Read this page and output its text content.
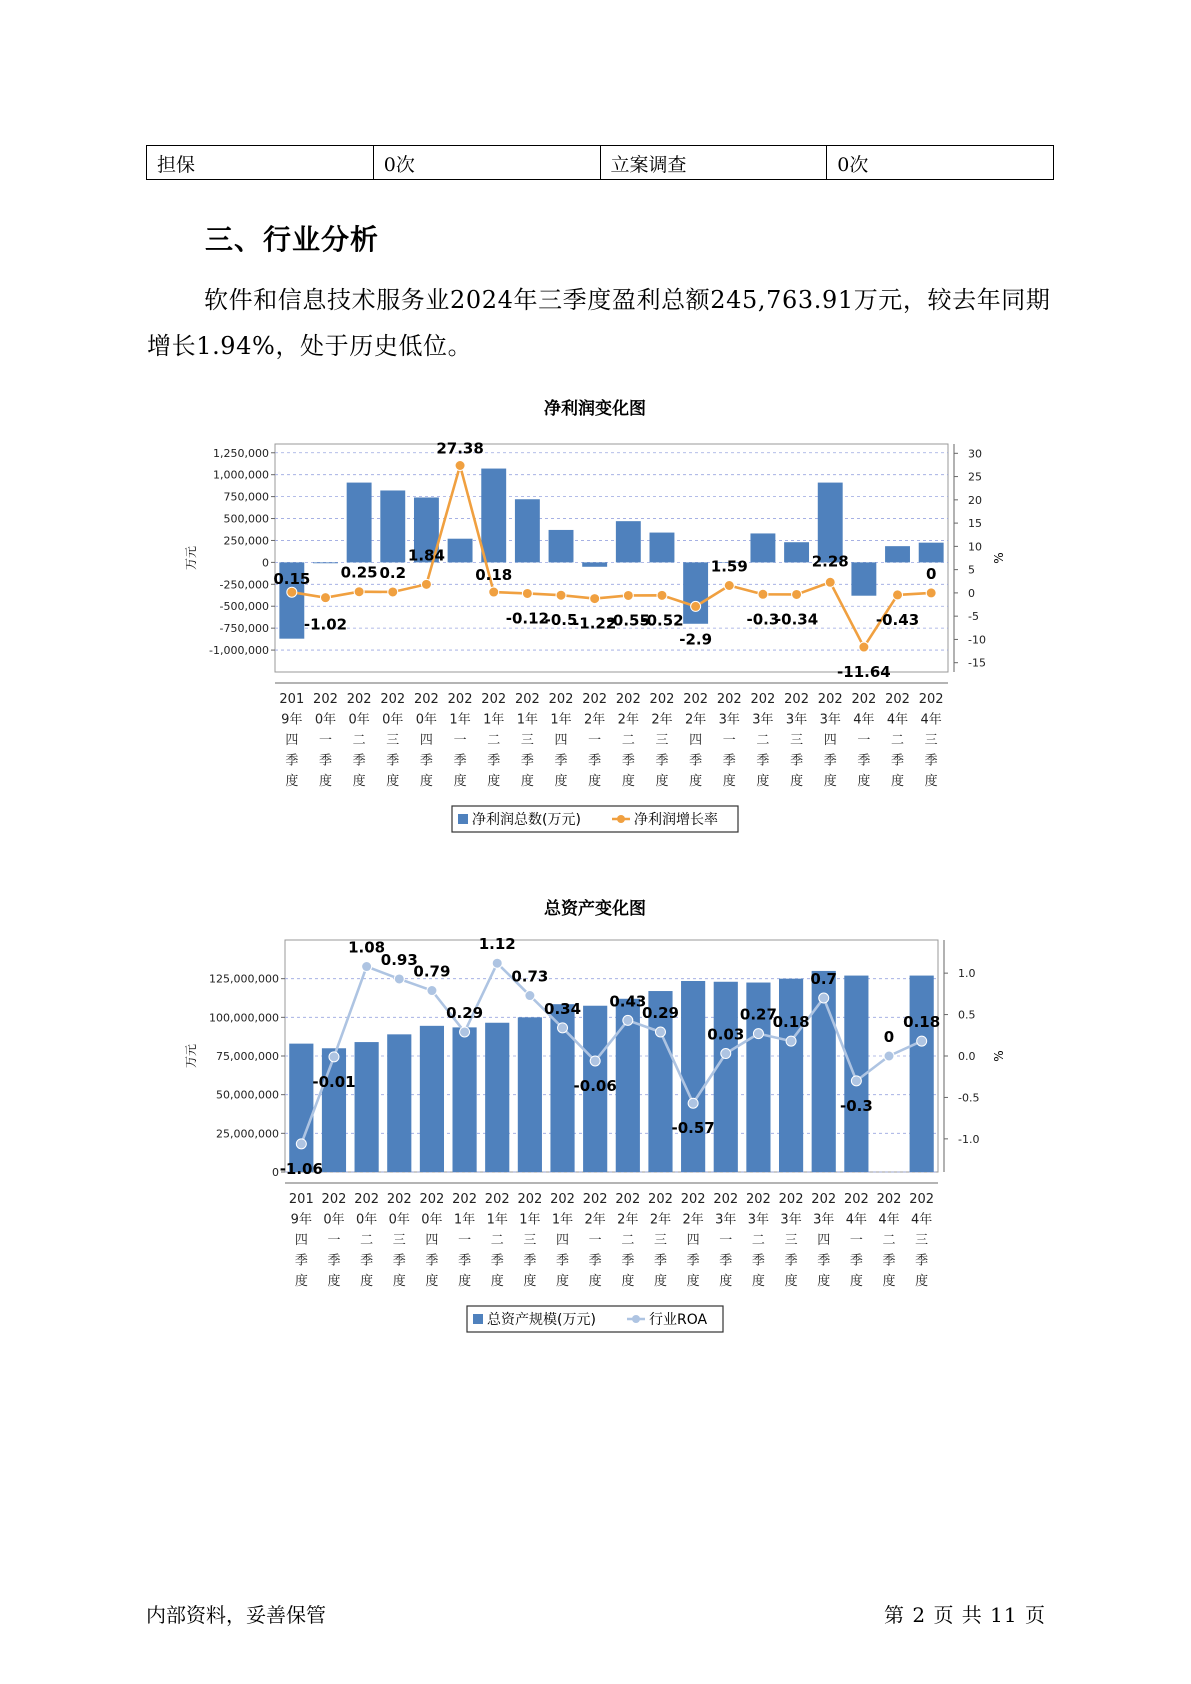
担保	0次	立案调查	0次
三、行业分析
软件和信息技术服务业2024年三季度盈利总额245,763.91万元，较去年同期增长1.94%，处于历史低位。
净利润变化图
-1,000,000
-750,000
-500,000
-250,000
0
250,000
500,000
750,000
1,000,000
1,250,000
-15
-10
-5
0
5
10
15
20
25
30
万元	%
201 9年四季度
202 0年一季度
202 0年二季度
202 0年三季度
202 0年四季度
202 1年一季度
202 1年二季度
202 1年三季度
202 1年四季度
202 2年一季度
202 2年二季度
202 2年三季度
202 2年四季度
202 3年一季度
202 3年二季度
202 3年三季度
202 3年四季度
202 4年一季度
202 4年二季度
202 4年三季度
0.15
-1.02
0.25 0.2
1.84
27.38
0.18
-0.12
-0.5
-1.22
-0.55
-0.52
-2.9
1.59
-0.3
-0.34
2.28
-11.64
-0.43
0
净利润总数(万元)	净利润增长率
总资产变化图
0
25,000,000
50,000,000
75,000,000
100,000,000
125,000,000
-1.0
-0.5
0.0
0.5
1.0
万元	%
201 9年四季度
202 0年一季度
202 0年二季度
202 0年三季度
202 0年四季度
202 1年一季度
202 1年二季度
202 1年三季度
202 1年四季度
202 2年一季度
202 2年二季度
202 2年三季度
202 2年四季度
202 3年一季度
202 3年二季度
202 3年三季度
202 3年四季度
202 4年一季度
202 4年二季度
202 4年三季度
-1.06
-0.01
1.08
0.93
0.79
0.29
1.12
0.73
0.34
-0.06
0.43
0.29
-0.57
0.03
0.27
0.18
0.7
-0.3
0
0.18
总资产规模(万元)	行业ROA
内部资料，妥善保管	第 2 页 共 11 页
